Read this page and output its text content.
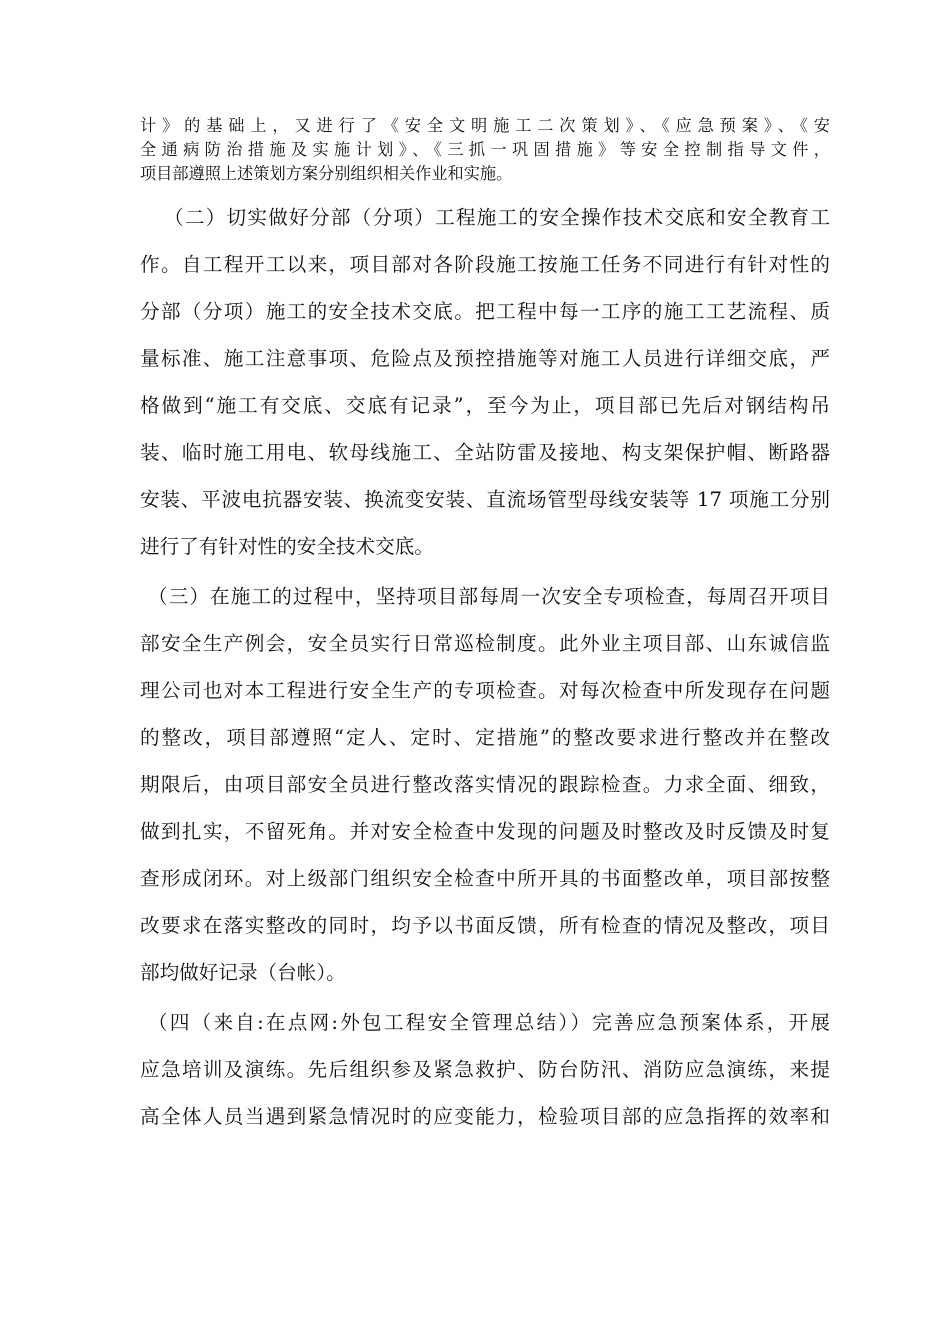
计》的基础上，又进行了《安全文明施工二次策划》、《应急预案》、《安
全通病防治措施及实施计划》、《三抓一巩固措施》等安全控制指导文件，
项目部遵照上述策划方案分别组织相关作业和实施。
（二）切实做好分部（分项）工程施工的安全操作技术交底和安全教育工
作。自工程开工以来，项目部对各阶段施工按施工任务不同进行有针对性的
分部（分项）施工的安全技术交底。把工程中每一工序的施工工艺流程、质
量标准、施工注意事项、危险点及预控措施等对施工人员进行详细交底，严
格做到“施工有交底、交底有记录”，至今为止，项目部已先后对钢结构吊
装、临时施工用电、软母线施工、全站防雷及接地、构支架保护帽、断路器
安装、平波电抗器安装、换流变安装、直流场管型母线安装等 17 项施工分别
进行了有针对性的安全技术交底。
（三）在施工的过程中，坚持项目部每周一次安全专项检查，每周召开项目
部安全生产例会，安全员实行日常巡检制度。此外业主项目部、山东诚信监
理公司也对本工程进行安全生产的专项检查。对每次检查中所发现存在问题
的整改，项目部遵照“定人、定时、定措施”的整改要求进行整改并在整改
期限后，由项目部安全员进行整改落实情况的跟踪检查。力求全面、细致，
做到扎实，不留死角。并对安全检查中发现的问题及时整改及时反馈及时复
查形成闭环。对上级部门组织安全检查中所开具的书面整改单，项目部按整
改要求在落实整改的同时，均予以书面反馈，所有检查的情况及整改，项目
部均做好记录（台帐）。
（四（来自:在点网:外包工程安全管理总结））完善应急预案体系，开展
应急培训及演练。先后组织参及紧急救护、防台防汛、消防应急演练，来提
高全体人员当遇到紧急情况时的应变能力，检验项目部的应急指挥的效率和
